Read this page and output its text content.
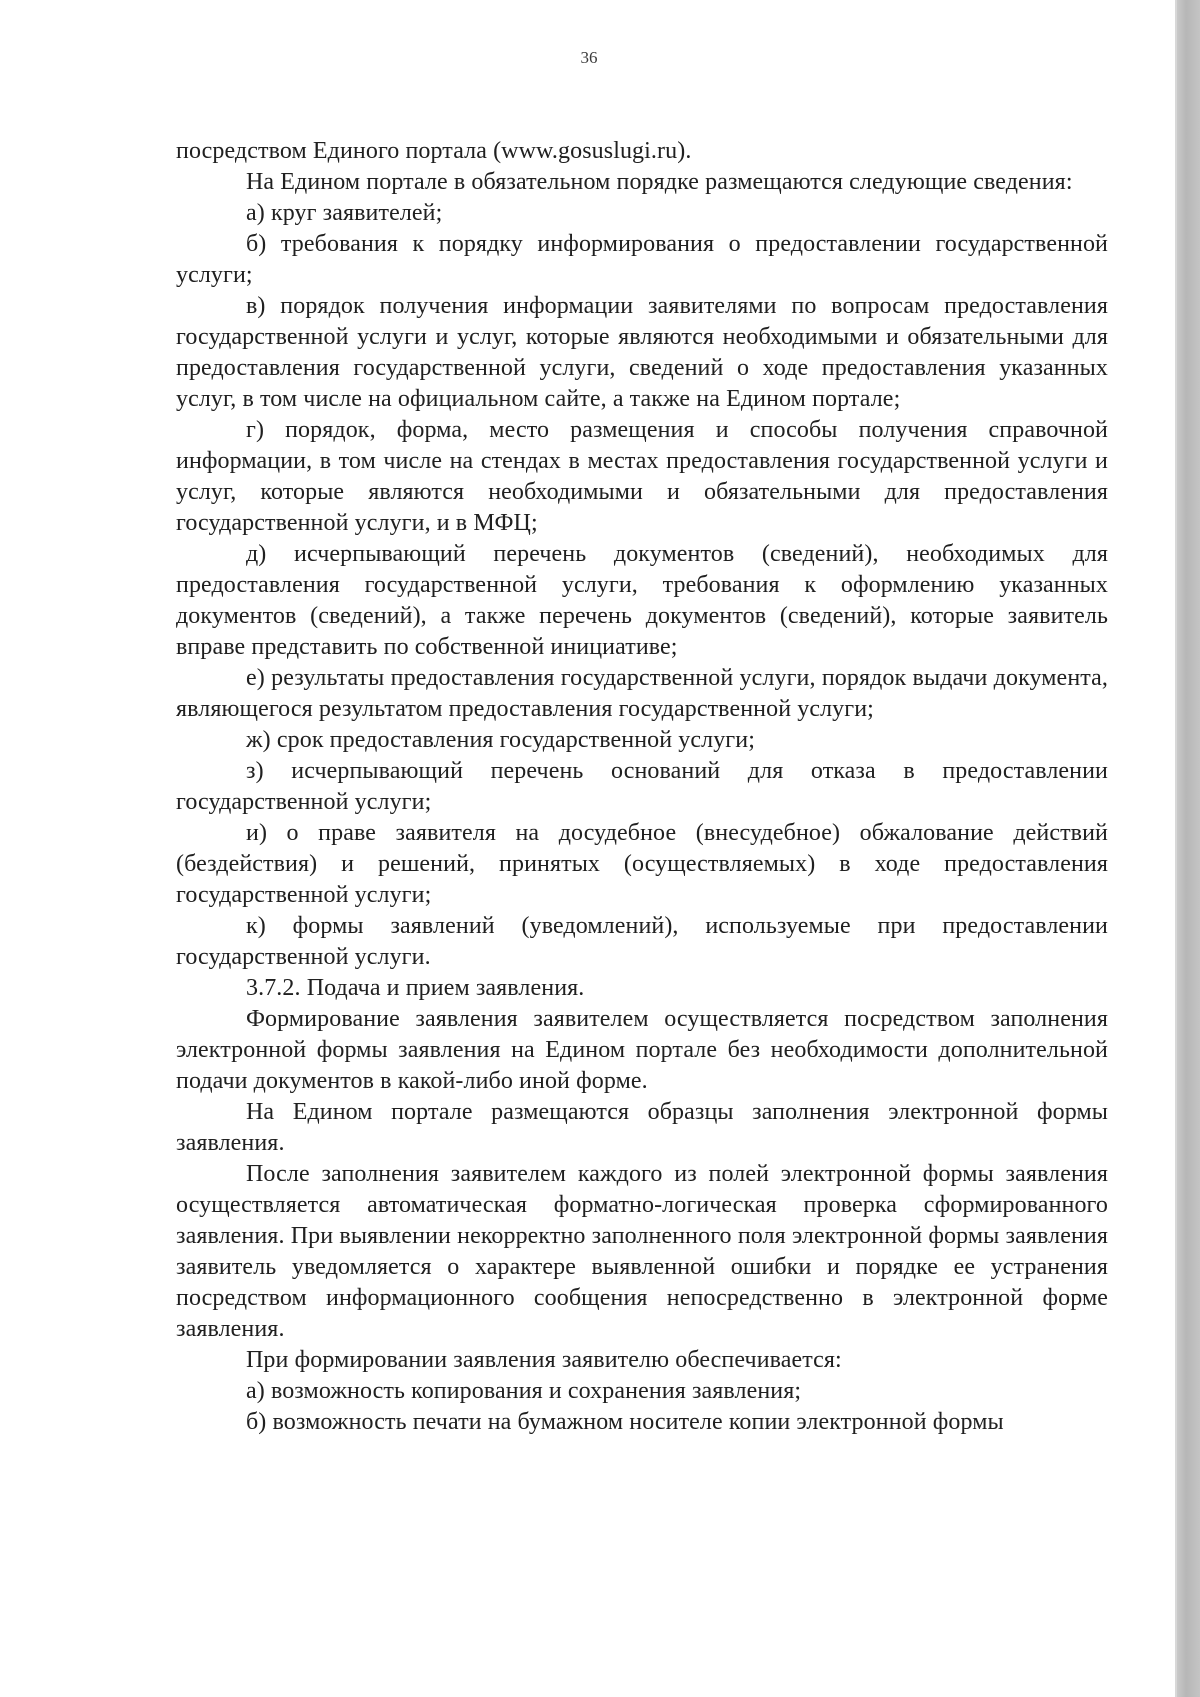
36

посредством Единого портала (www.gosuslugi.ru).

На Едином портале в обязательном порядке размещаются следующие сведения:

а) круг заявителей;

б) требования к порядку информирования о предоставлении государственной услуги;

в) порядок получения информации заявителями по вопросам предоставления государственной услуги и услуг, которые являются необходимыми и обязательными для предоставления государственной услуги, сведений о ходе предоставления указанных услуг, в том числе на официальном сайте, а также на Едином портале;

г) порядок, форма, место размещения и способы получения справочной информации, в том числе на стендах в местах предоставления государственной услуги и услуг, которые являются необходимыми и обязательными для предоставления государственной услуги, и в МФЦ;

д) исчерпывающий перечень документов (сведений), необходимых для предоставления государственной услуги, требования к оформлению указанных документов (сведений), а также перечень документов (сведений), которые заявитель вправе представить по собственной инициативе;

е) результаты предоставления государственной услуги, порядок выдачи документа, являющегося результатом предоставления государственной услуги;

ж) срок предоставления государственной услуги;

з) исчерпывающий перечень оснований для отказа в предоставлении государственной услуги;

и) о праве заявителя на досудебное (внесудебное) обжалование действий (бездействия) и решений, принятых (осуществляемых) в ходе предоставления государственной услуги;

к) формы заявлений (уведомлений), используемые при предоставлении государственной услуги.

3.7.2. Подача и прием заявления.

Формирование заявления заявителем осуществляется посредством заполнения электронной формы заявления на Едином портале без необходимости дополнительной подачи документов в какой-либо иной форме.

На Едином портале размещаются образцы заполнения электронной формы заявления.

После заполнения заявителем каждого из полей электронной формы заявления осуществляется автоматическая форматно-логическая проверка сформированного заявления. При выявлении некорректно заполненного поля электронной формы заявления заявитель уведомляется о характере выявленной ошибки и порядке ее устранения посредством информационного сообщения непосредственно в электронной форме заявления.

При формировании заявления заявителю обеспечивается:

а) возможность копирования и сохранения заявления;

б) возможность печати на бумажном носителе копии электронной формы
